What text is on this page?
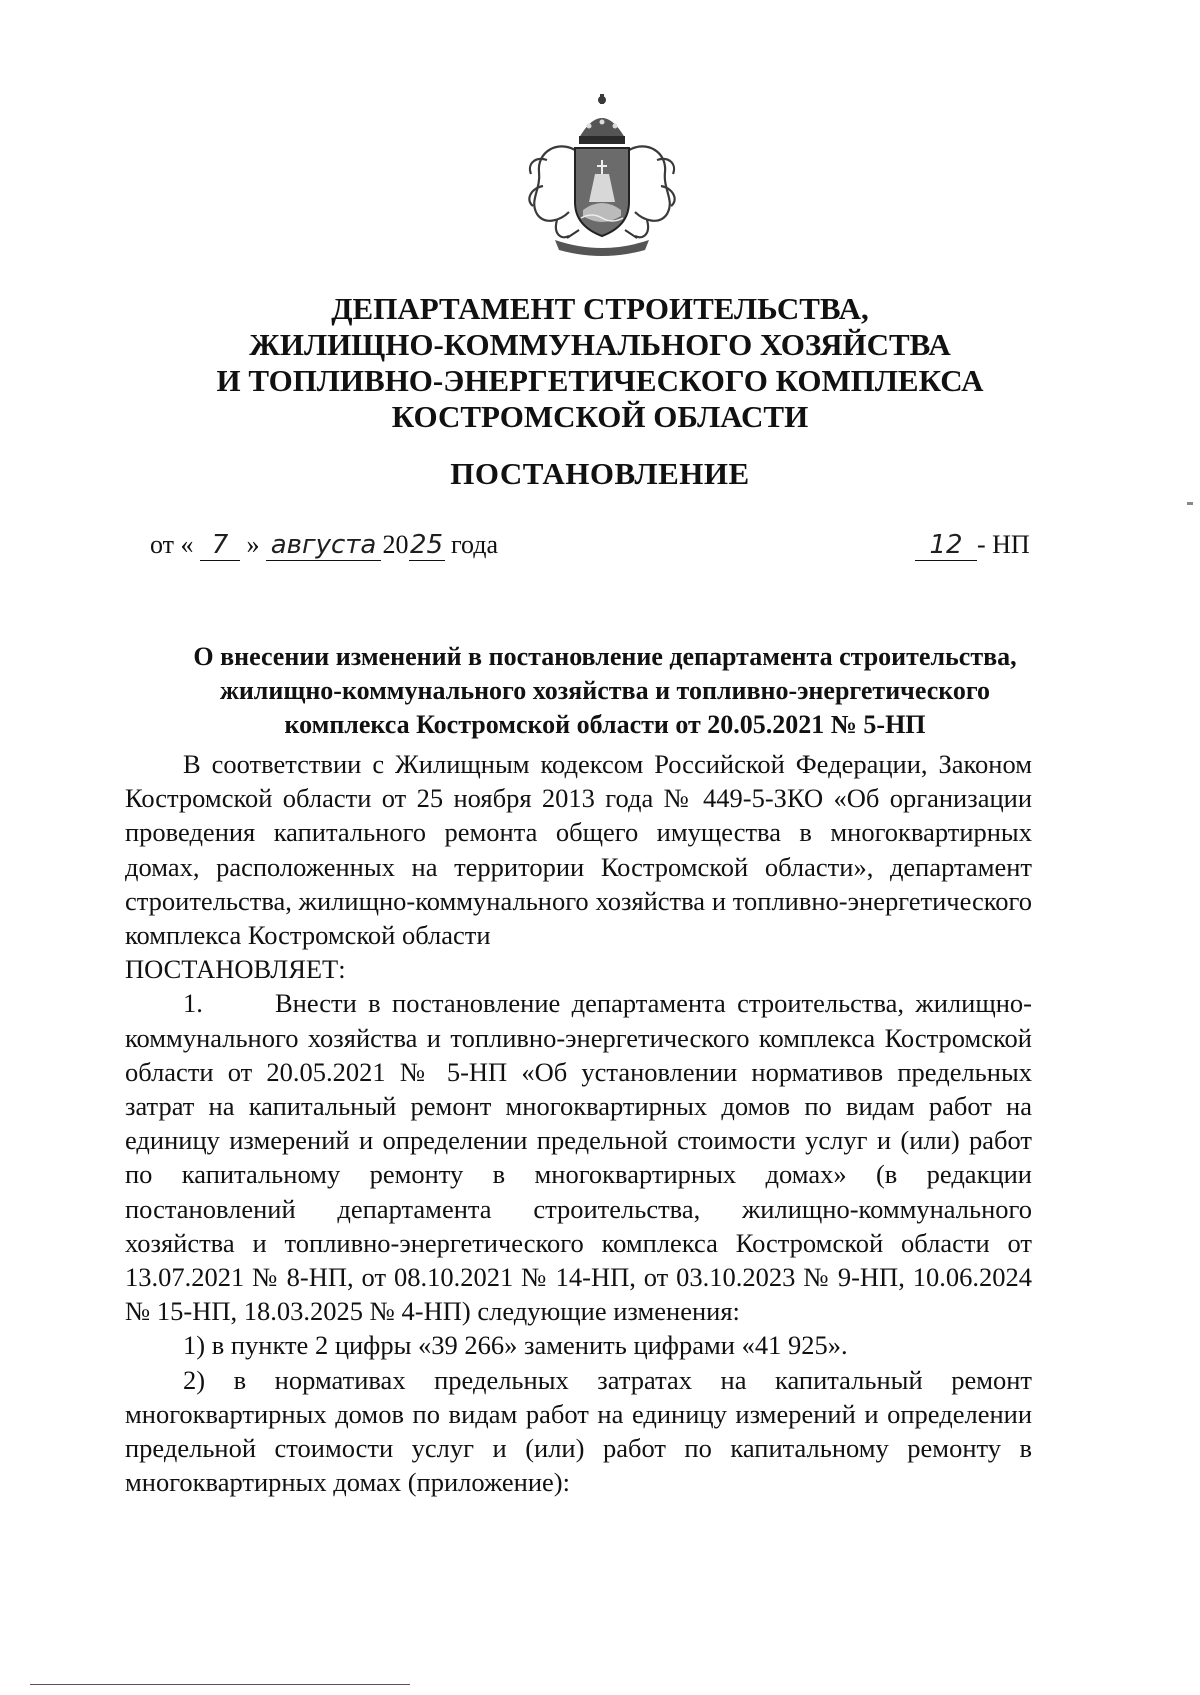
ДЕПАРТАМЕНТ СТРОИТЕЛЬСТВА,
ЖИЛИЩНО-КОММУНАЛЬНОГО ХОЗЯЙСТВА
И ТОПЛИВНО-ЭНЕРГЕТИЧЕСКОГО КОМПЛЕКСА
КОСТРОМСКОЙ ОБЛАСТИ
ПОСТАНОВЛЕНИЕ
от « 7 » августа 2025 года	12 - НП
О внесении изменений в постановление департамента строительства,
жилищно-коммунального хозяйства и топливно-энергетического
комплекса Костромской области от 20.05.2021 № 5-НП

В соответствии с Жилищным кодексом Российской Федерации, Законом Костромской области от 25 ноября 2013 года № 449-5-ЗКО «Об организации проведения капитального ремонта общего имущества в многоквартирных домах, расположенных на территории Костромской области», департамент строительства, жилищно-коммунального хозяйства и топливно-энергетического комплекса Костромской области

ПОСТАНОВЛЯЕТ:

1.	Внести в постановление департамента строительства, жилищно-коммунального хозяйства и топливно-энергетического комплекса Костромской области от 20.05.2021 № 5-НП «Об установлении нормативов предельных затрат на капитальный ремонт многоквартирных домов по видам работ на единицу измерений и определении предельной стоимости услуг и (или) работ по капитальному ремонту в многоквартирных домах» (в редакции постановлений департамента строительства, жилищно-коммунального хозяйства и топливно-энергетического комплекса Костромской области от 13.07.2021 № 8-НП, от 08.10.2021 № 14-НП, от 03.10.2023 № 9-НП, 10.06.2024 № 15-НП, 18.03.2025 № 4-НП) следующие изменения:

1) в пункте 2 цифры «39 266» заменить цифрами «41 925».

2) в нормативах предельных затратах на капитальный ремонт многоквартирных домов по видам работ на единицу измерений и определении предельной стоимости услуг и (или) работ по капитальному ремонту в многоквартирных домах (приложение):
